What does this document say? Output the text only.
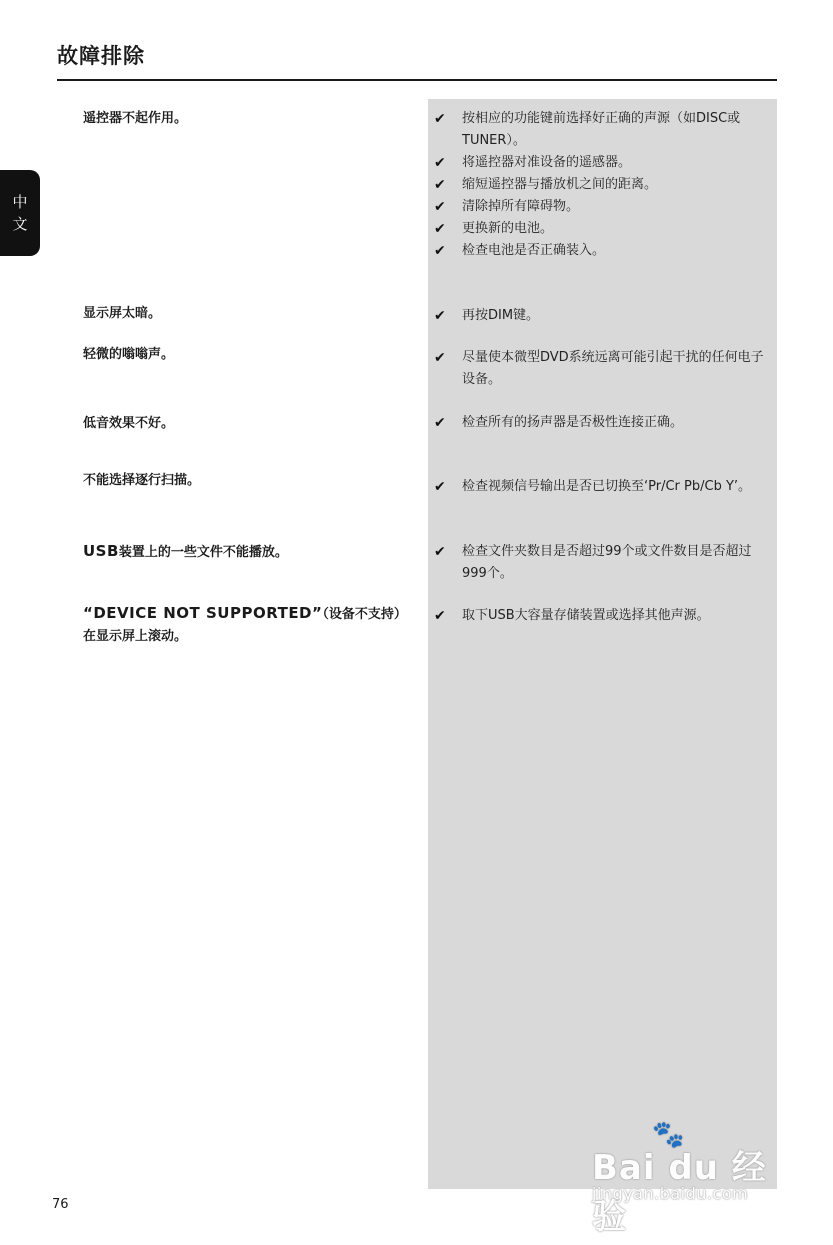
故障排除
中
文
遥控器不起作用。	✔ 按相应的功能键前选择好正确的声源（如DISC或TUNER）。
✔ 将遥控器对准设备的遥感器。
✔ 缩短遥控器与播放机之间的距离。
✔ 清除掉所有障碍物。
✔ 更换新的电池。
✔ 检查电池是否正确装入。
显示屏太暗。	✔ 再按DIM键。
轻微的嗡嗡声。	✔ 尽量使本微型DVD系统远离可能引起干扰的任何电子设备。
低音效果不好。	✔ 检查所有的扬声器是否极性连接正确。
不能选择逐行扫描。	✔ 检查视频信号输出是否已切换至‘Pr/Cr Pb/Cb Y’。
USB装置上的一些文件不能播放。	✔ 检查文件夹数目是否超过99个或文件数目是否超过999个。
“DEVICE NOT SUPPORTED”（设备不支持）在显示屏上滚动。
✔ 取下USB大容量存储装置或选择其他声源。
76
🐾
Bai du 经验
jingyan.baidu.com
